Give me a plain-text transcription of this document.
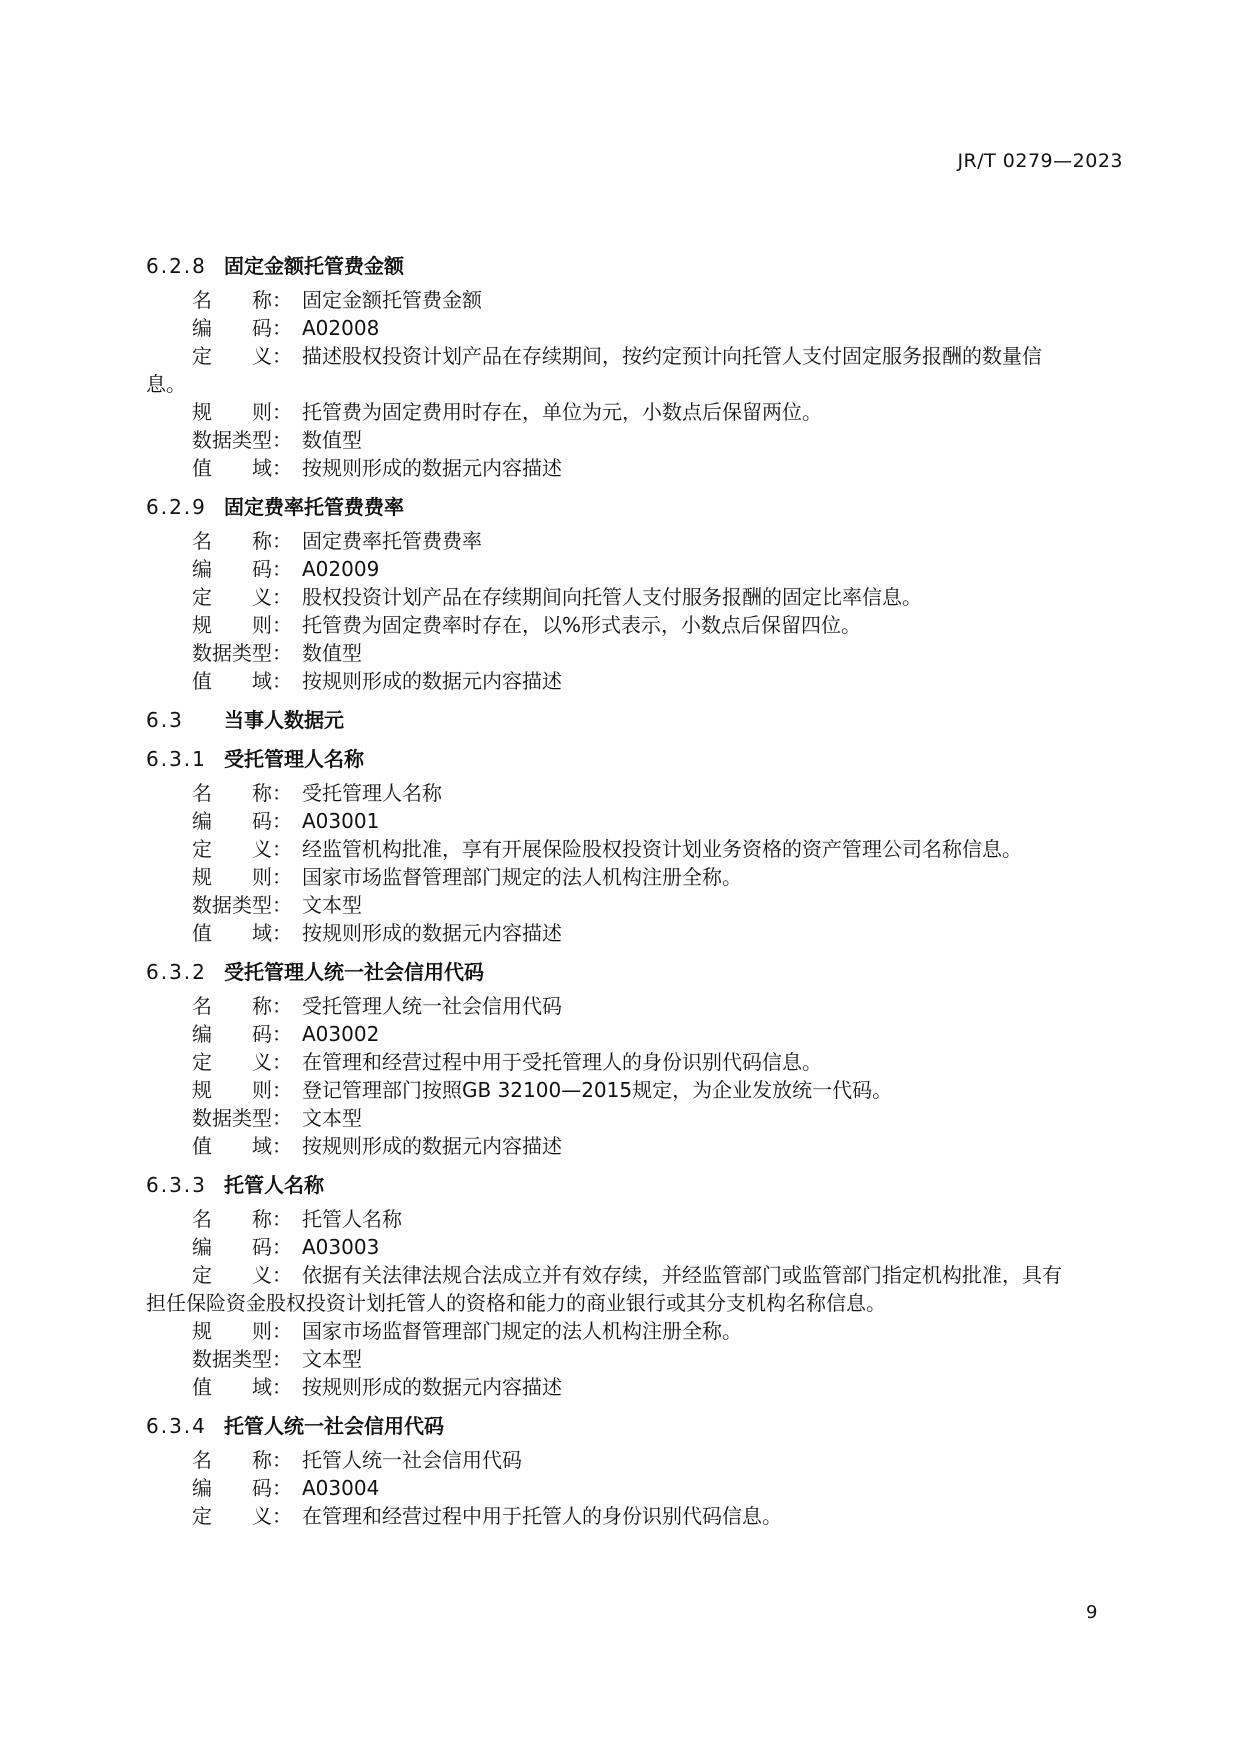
JR/T 0279—2023
6.2.8 固定金额托管费金额
名　　称： 固定金额托管费金额
编　　码： A02008
定　　义： 描述股权投资计划产品在存续期间，按约定预计向托管人支付固定服务报酬的数量信
息。
规　　则： 托管费为固定费用时存在，单位为元，小数点后保留两位。
数据类型： 数值型
值　　域： 按规则形成的数据元内容描述
6.2.9 固定费率托管费费率
名　　称： 固定费率托管费费率
编　　码： A02009
定　　义： 股权投资计划产品在存续期间向托管人支付服务报酬的固定比率信息。
规　　则： 托管费为固定费率时存在，以%形式表示，小数点后保留四位。
数据类型： 数值型
值　　域： 按规则形成的数据元内容描述
6.3 当事人数据元
6.3.1 受托管理人名称
名　　称： 受托管理人名称
编　　码： A03001
定　　义： 经监管机构批准，享有开展保险股权投资计划业务资格的资产管理公司名称信息。
规　　则： 国家市场监督管理部门规定的法人机构注册全称。
数据类型： 文本型
值　　域： 按规则形成的数据元内容描述
6.3.2 受托管理人统一社会信用代码
名　　称： 受托管理人统一社会信用代码
编　　码： A03002
定　　义： 在管理和经营过程中用于受托管理人的身份识别代码信息。
规　　则： 登记管理部门按照GB 32100—2015规定，为企业发放统一代码。
数据类型： 文本型
值　　域： 按规则形成的数据元内容描述
6.3.3 托管人名称
名　　称： 托管人名称
编　　码： A03003
定　　义： 依据有关法律法规合法成立并有效存续，并经监管部门或监管部门指定机构批准，具有
担任保险资金股权投资计划托管人的资格和能力的商业银行或其分支机构名称信息。
规　　则： 国家市场监督管理部门规定的法人机构注册全称。
数据类型： 文本型
值　　域： 按规则形成的数据元内容描述
6.3.4 托管人统一社会信用代码
名　　称： 托管人统一社会信用代码
编　　码： A03004
定　　义： 在管理和经营过程中用于托管人的身份识别代码信息。
9
